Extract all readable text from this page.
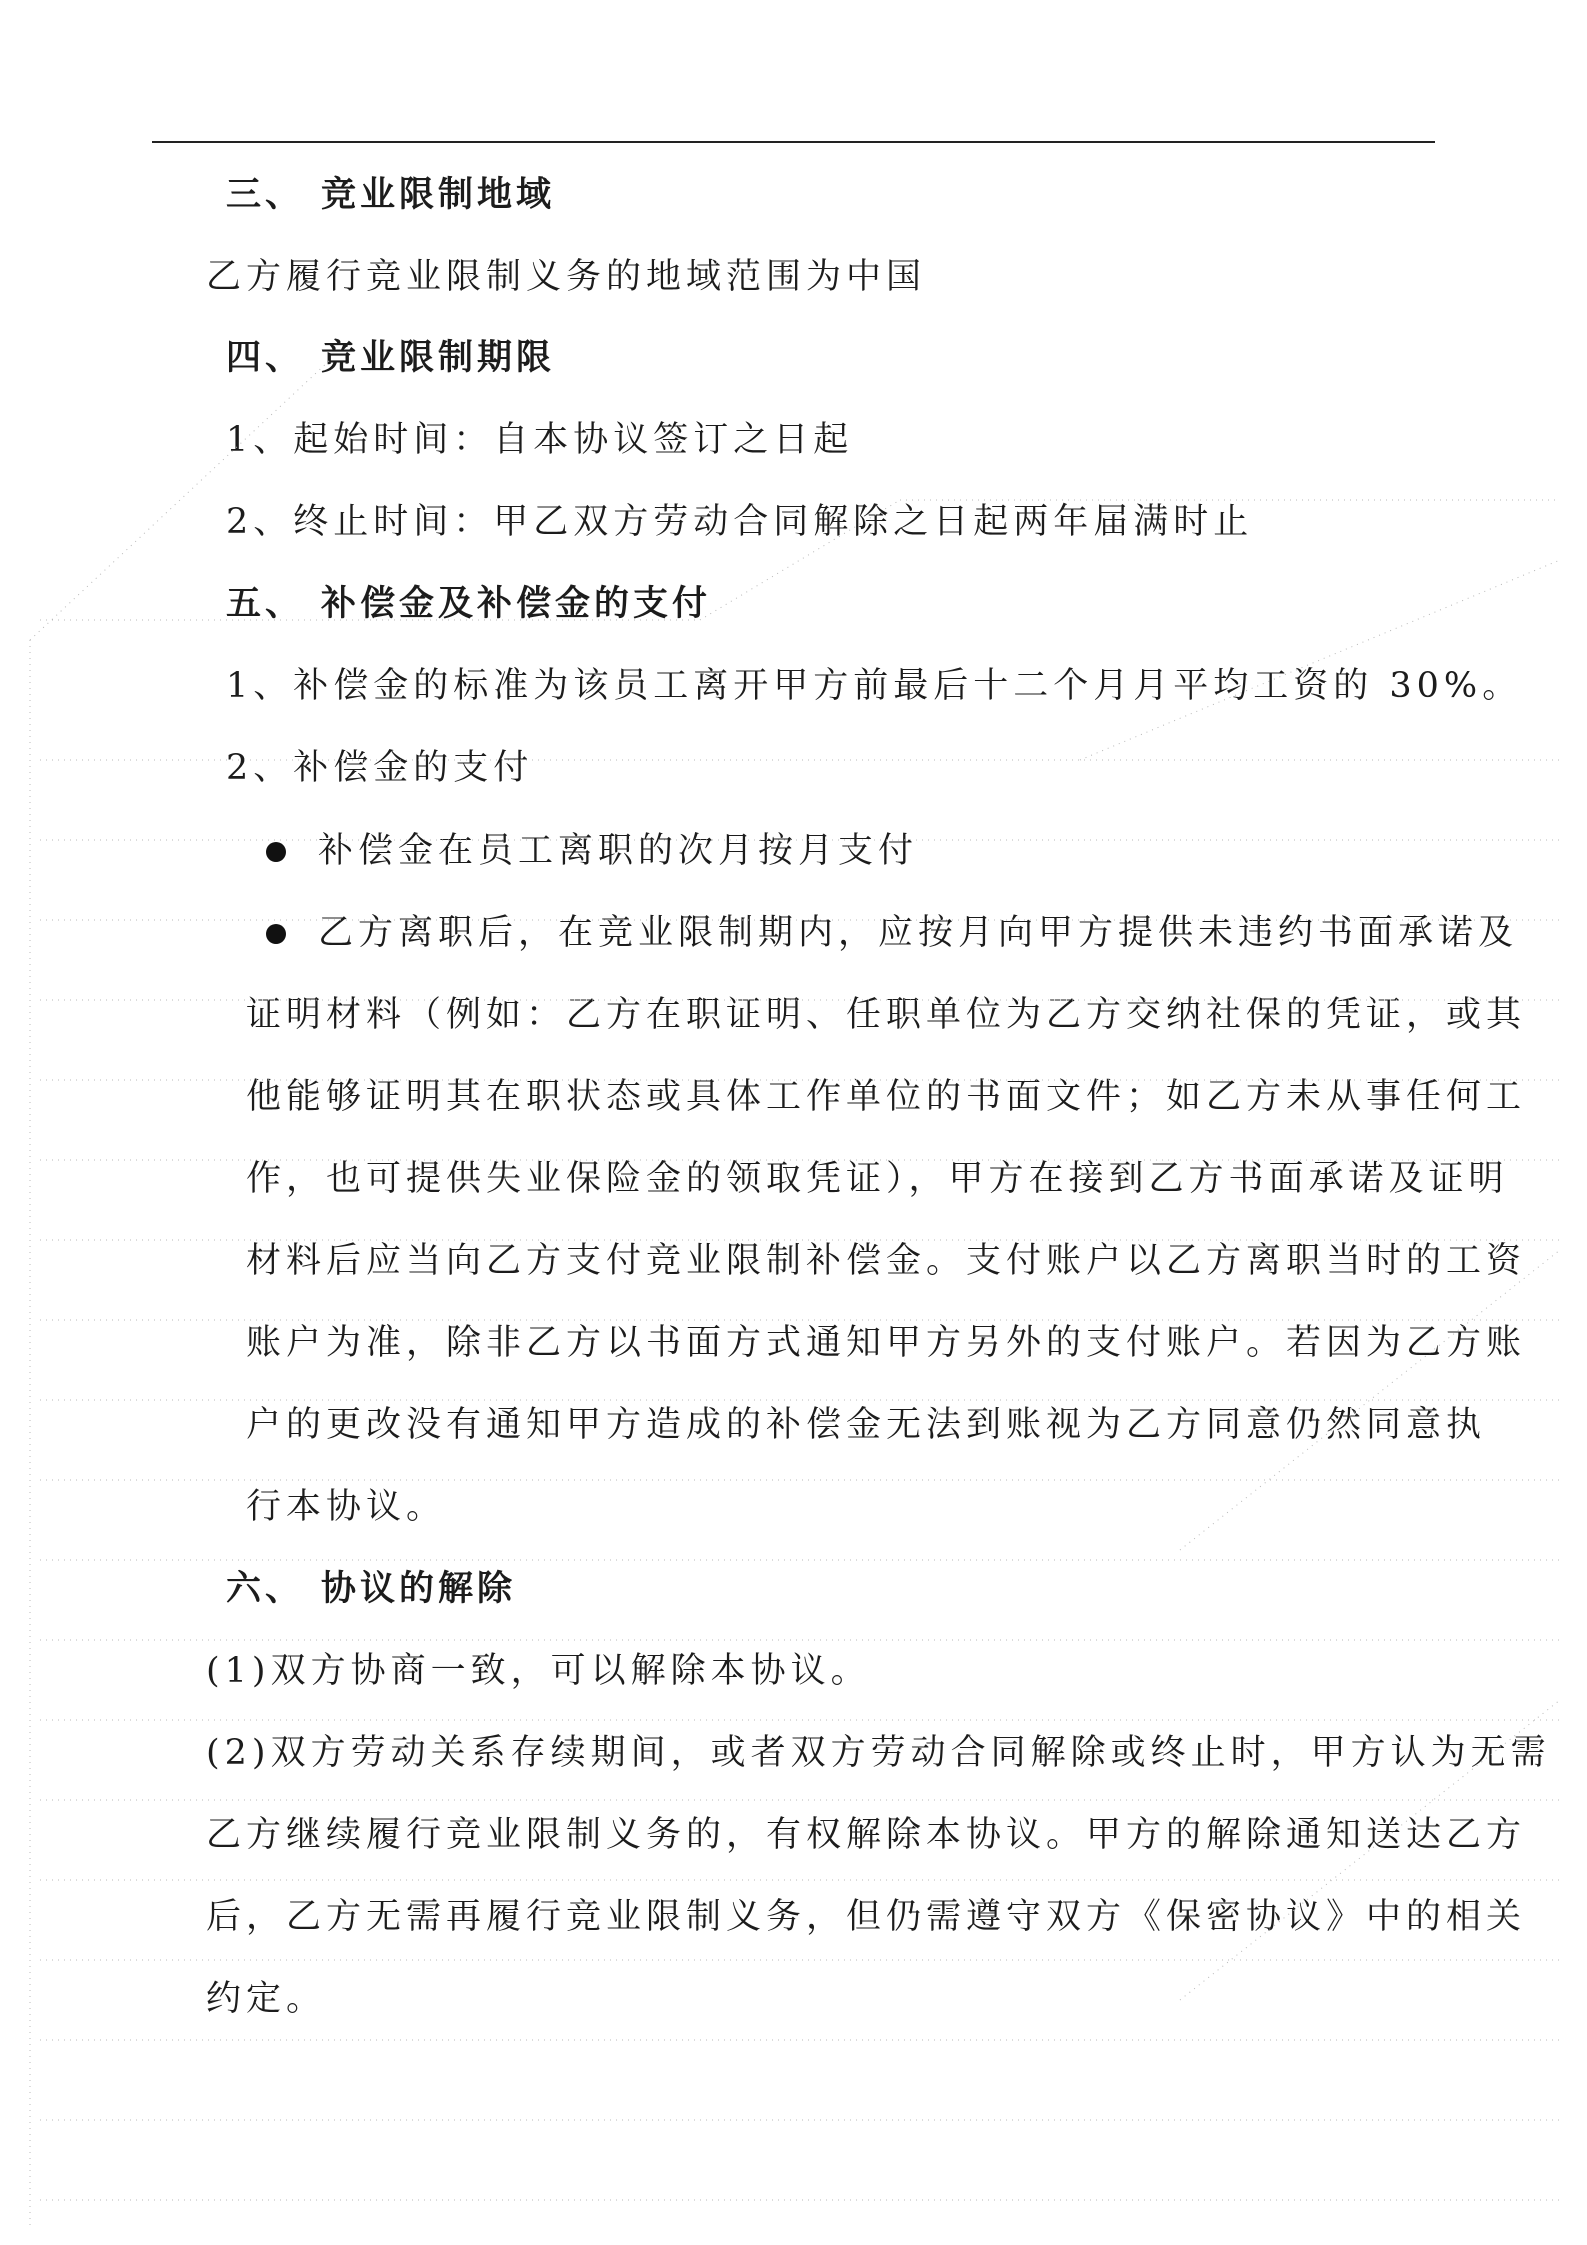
三、 竞业限制地域
乙方履行竞业限制义务的地域范围为中国
四、 竞业限制期限
1、起始时间：自本协议签订之日起
2、终止时间：甲乙双方劳动合同解除之日起两年届满时止
五、 补偿金及补偿金的支付
1、补偿金的标准为该员工离开甲方前最后十二个月月平均工资的 30%。
2、补偿金的支付
补偿金在员工离职的次月按月支付
乙方离职后，在竞业限制期内，应按月向甲方提供未违约书面承诺及
证明材料（例如：乙方在职证明、任职单位为乙方交纳社保的凭证，或其
他能够证明其在职状态或具体工作单位的书面文件；如乙方未从事任何工
作，也可提供失业保险金的领取凭证），甲方在接到乙方书面承诺及证明
材料后应当向乙方支付竞业限制补偿金。支付账户以乙方离职当时的工资
账户为准，除非乙方以书面方式通知甲方另外的支付账户。若因为乙方账
户的更改没有通知甲方造成的补偿金无法到账视为乙方同意仍然同意执
行本协议。
六、 协议的解除
(1)双方协商一致，可以解除本协议。
(2)双方劳动关系存续期间，或者双方劳动合同解除或终止时，甲方认为无需
乙方继续履行竞业限制义务的，有权解除本协议。甲方的解除通知送达乙方
后，乙方无需再履行竞业限制义务，但仍需遵守双方《保密协议》中的相关
约定。
